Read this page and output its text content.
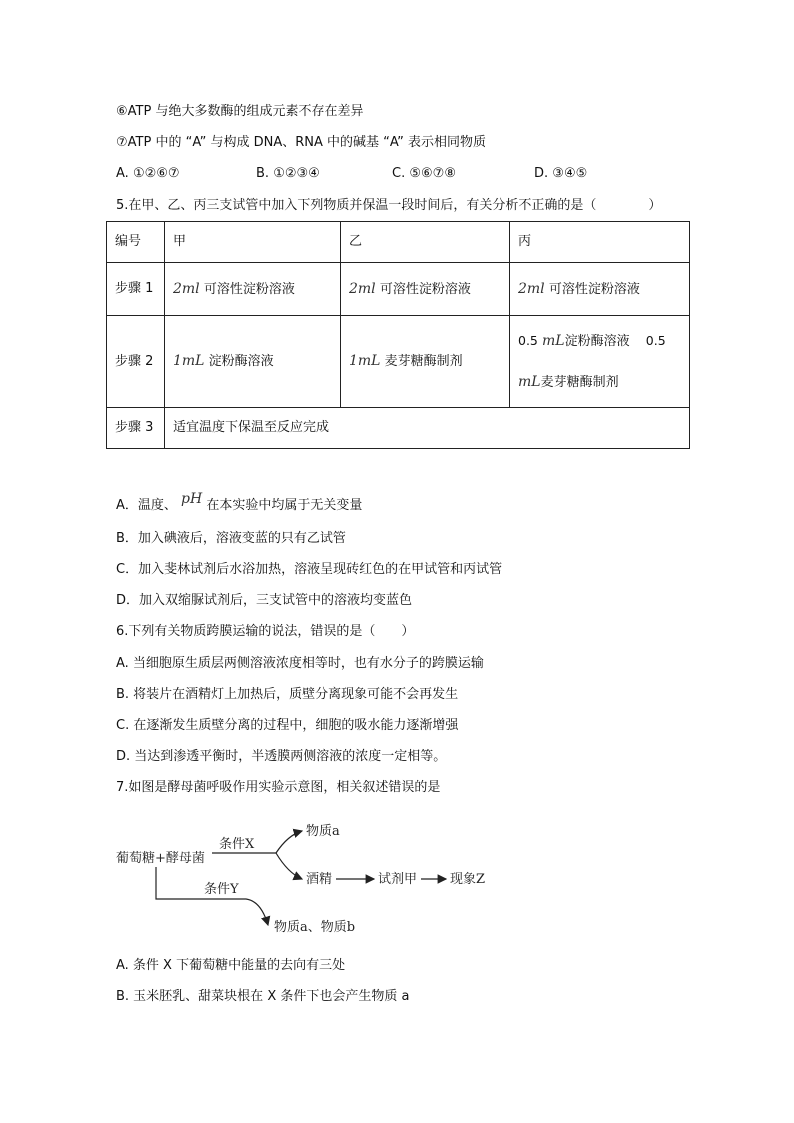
⑥ATP 与绝大多数酶的组成元素不存在差异
⑦ATP 中的 “A” 与构成 DNA、RNA 中的碱基 “A” 表示相同物质
A. ①②⑥⑦	B. ①②③④	C. ⑤⑥⑦⑧	D. ③④⑤
5.在甲、乙、丙三支试管中加入下列物质并保温一段时间后，有关分析不正确的是（　　　　）
编号	甲	乙	丙
步骤 1	2ml 可溶性淀粉溶液	2ml 可溶性淀粉溶液	2ml 可溶性淀粉溶液
步骤 2	1mL 淀粉酶溶液	1mL 麦芽糖酶制剂	0.5 mL淀粉酶溶液 0.5
mL麦芽糖酶制剂

步骤 3	适宜温度下保温至反应完成		
A．温度、 pH 在本实验中均属于无关变量
B．加入碘液后，溶液变蓝的只有乙试管
C．加入斐林试剂后水浴加热，溶液呈现砖红色的在甲试管和丙试管
D．加入双缩脲试剂后，三支试管中的溶液均变蓝色
6.下列有关物质跨膜运输的说法，错误的是（　　）
A. 当细胞原生质层两侧溶液浓度相等时，也有水分子的跨膜运输
B. 将装片在酒精灯上加热后，质壁分离现象可能不会再发生
C. 在逐渐发生质壁分离的过程中，细胞的吸水能力逐渐增强
D. 当达到渗透平衡时，半透膜两侧溶液的浓度一定相等。
7.如图是酵母菌呼吸作用实验示意图，相关叙述错误的是
葡萄糖+酵母菌
条件X
条件Y
物质a
酒精	试剂甲	现象Z
物质a、物质b
A. 条件 X 下葡萄糖中能量的去向有三处
B. 玉米胚乳、甜菜块根在 X 条件下也会产生物质 a
